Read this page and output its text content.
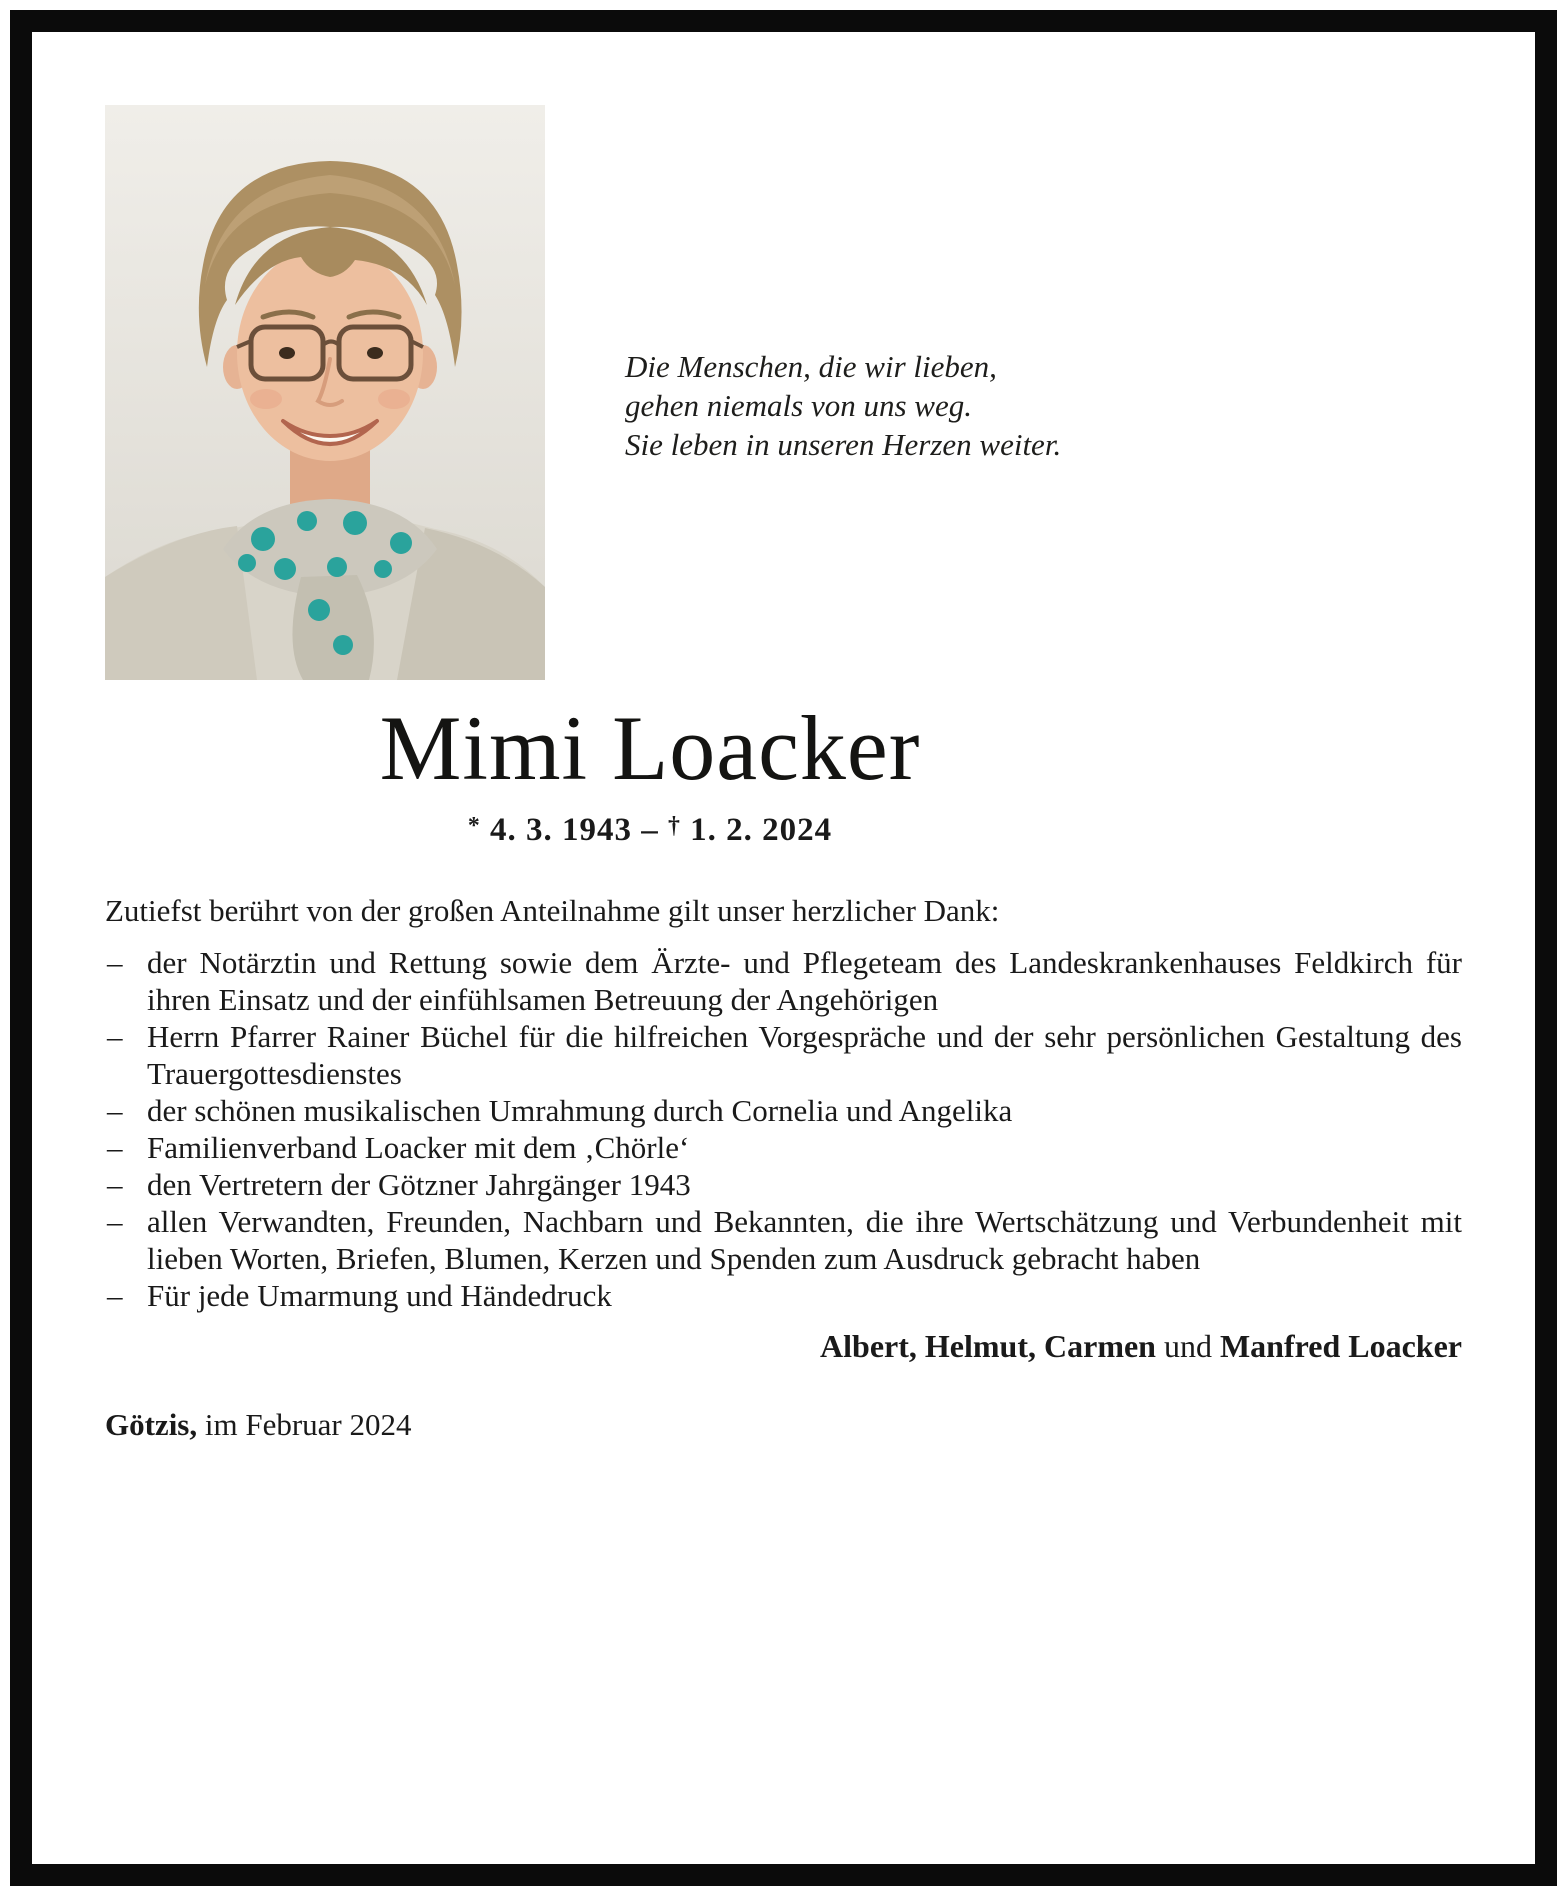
Die Menschen, die wir lieben,
gehen niemals von uns weg.
Sie leben in unseren Herzen weiter.
Mimi Loacker
* 4. 3. 1943 – † 1. 2. 2024

Zutiefst berührt von der großen Anteilnahme gilt unser herzlicher Dank:

– der Notärztin und Rettung sowie dem Ärzte- und Pflegeteam des Landeskrankenhauses Feldkirch für ihren Einsatz und der einfühlsamen Betreuung der Angehörigen
– Herrn Pfarrer Rainer Büchel für die hilfreichen Vorgespräche und der sehr persönlichen Gestaltung des Trauergottesdienstes
– der schönen musikalischen Umrahmung durch Cornelia und Angelika
– Familienverband Loacker mit dem ‚Chörle‘
– den Vertretern der Götzner Jahrgänger 1943
– allen Verwandten, Freunden, Nachbarn und Bekannten, die ihre Wertschätzung und Verbundenheit mit lieben Worten, Briefen, Blumen, Kerzen und Spenden zum Ausdruck gebracht haben
– Für jede Umarmung und Händedruck
Albert, Helmut, Carmen und Manfred Loacker
Götzis, im Februar 2024
